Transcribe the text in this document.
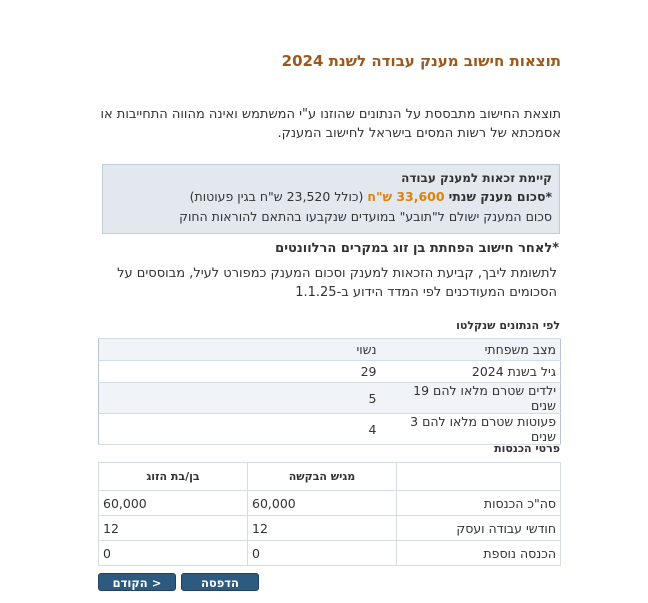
תוצאות חישוב מענק עבודה לשנת 2024
תוצאת החישוב מתבססת על הנתונים שהוזנו ע"י המשתמש ואינה מהווה התחייבות או אסמכתא של רשות המסים בישראל לחישוב המענק.
קיימת זכאות למענק עבודה
*סכום מענק שנתי 33,600 ש"ח (כולל 23,520 ש"ח בגין פעוטות)
סכום המענק ישולם ל"תובע" במועדים שנקבעו בהתאם להוראות החוק
*לאחר חישוב הפחתת בן זוג במקרים הרלוונטים
לתשומת ליבך, קביעת הזכאות למענק וסכום המענק כמפורט לעיל, מבוססים על הסכומים המעודכנים לפי המדד הידוע ב-1.1.25
לפי הנתונים שנקלטו
מצב משפחתי	נשוי
גיל בשנת 2024	29
ילדים שטרם מלאו להם 19 שנים	5
פעוטות שטרם מלאו להם 3 שנים	4
פרטי הכנסות
	מגיש הבקשה	בן/בת הזוג
סה"כ הכנסות	60,000	60,000
חודשי עבודה ועסק	12	12
הכנסה נוספת	0	0
הדפסה
< הקודם
